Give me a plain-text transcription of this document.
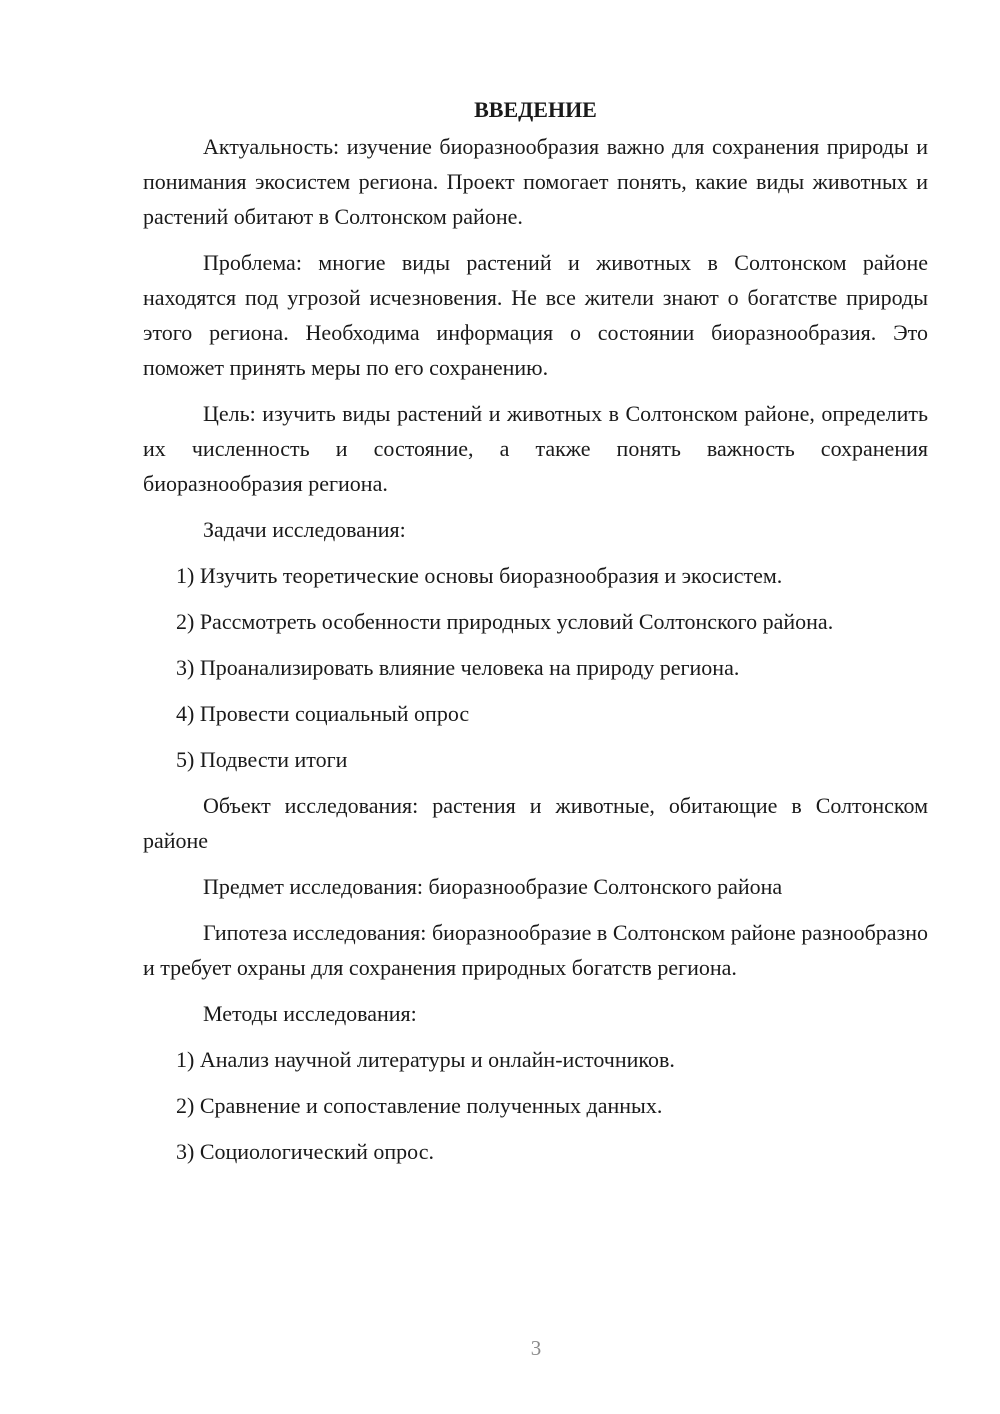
ВВЕДЕНИЕ

Актуальность: изучение биоразнообразия важно для сохранения природы и понимания экосистем региона. Проект помогает понять, какие виды животных и растений обитают в Солтонском районе.

Проблема: многие виды растений и животных в Солтонском районе находятся под угрозой исчезновения. Не все жители знают о богатстве природы этого региона. Необходима информация о состоянии биоразнообразия. Это поможет принять меры по его сохранению.

Цель: изучить виды растений и животных в Солтонском районе, определить их численность и состояние, а также понять важность сохранения биоразнообразия региона.

Задачи исследования:

1) Изучить теоретические основы биоразнообразия и экосистем.

2) Рассмотреть особенности природных условий Солтонского района.

3) Проанализировать влияние человека на природу региона.

4) Провести социальный опрос

5) Подвести итоги

Объект исследования: растения и животные, обитающие в Солтонском районе

Предмет исследования: биоразнообразие Солтонского района

Гипотеза исследования: биоразнообразие в Солтонском районе разнообразно и требует охраны для сохранения природных богатств региона.

Методы исследования:

1) Анализ научной литературы и онлайн-источников.

2) Сравнение и сопоставление полученных данных.

3) Социологический опрос.

3
